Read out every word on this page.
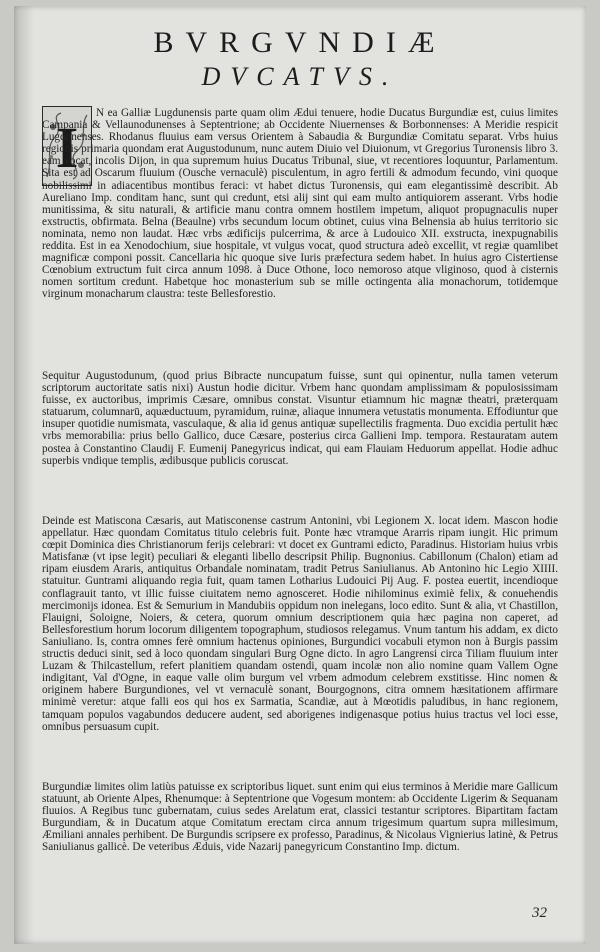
BVRGVNDIÆ
DVCATVS.
I
N ea Galliæ Lugdunensis parte quam olim Ædui tenuere, hodie Ducatus Burgundiæ est, cuius limites Campania & Vellaunodunenses à Septentrione; ab Occidente Niuernenses & Borbonnenses: A Meridie respicit Lugdunenses. Rhodanus fluuius eam versus Orientem à Sabaudia & Burgundiæ Comitatu separat. Vrbs huius regionis primaria quondam erat Augustodunum, nunc autem Diuio vel Diuionum, vt Gregorius Turonensis libro 3. eam vocat, incolis Dijon, in qua supremum huius Ducatus Tribunal, siue, vt recentiores loquuntur, Parlamentum. Sita est ad Oscarum fluuium (Ousche vernaculè) pisculentum, in agro fertili & admodum fecundo, vini quoque nobilissimi in adiacentibus montibus feraci: vt habet dictus Turonensis, qui eam elegantissimè describit. Ab Aureliano Imp. conditam hanc, sunt qui credunt, etsi alij sint qui eam multo antiquiorem asserant. Vrbs hodie munitissima, & situ naturali, & artificie manu contra omnem hostilem impetum, aliquot propugnaculis nuper exstructis, obfirmata. Belna (Beaulne) vrbs secundum locum obtinet, cuius vina Belnensia ab huius territorio sic nominata, nemo non laudat. Hæc vrbs ædificijs pulcerrima, & arce à Ludouico XII. exstructa, inexpugnabilis reddita. Est in ea Xenodochium, siue hospitale, vt vulgus vocat, quod structura adeò excellit, vt regiæ quamlibet magnificæ componi possit. Cancellaria hic quoque sive Iuris præfectura sedem habet. In huius agro Cistertiense Cœnobium extructum fuit circa annum 1098. à Duce Othone, loco nemoroso atque vliginoso, quod à cisternis nomen sortitum credunt. Habetque hoc monasterium sub se mille octingenta alia monachorum, totidemque virginum monacharum claustra: teste Bellesforestio.
Sequitur Augustodunum, (quod prius Bibracte nuncupatum fuisse, sunt qui opinentur, nulla tamen veterum scriptorum auctoritate satis nixi) Austun hodie dicitur. Vrbem hanc quondam amplissimam & populosissimam fuisse, ex auctoribus, imprimis Cæsare, omnibus constat. Visuntur etiamnum hic magnæ theatri, præterquam statuarum, columnarū, aquæductuum, pyramidum, ruinæ, aliaque innumera vetustatis monumenta. Effodiuntur que insuper quotidie numismata, vasculaque, & alia id genus antiquæ supellectilis fragmenta. Duo excidia pertulit hæc vrbs memorabilia: prius bello Gallico, duce Cæsare, posterius circa Gallieni Imp. tempora. Restauratam autem postea à Constantino Claudij F. Eumenij Panegyricus indicat, qui eam Flauiam Heduorum appellat. Hodie adhuc superbis vndique templis, ædibusque publicis coruscat.
Deinde est Matiscona Cæsaris, aut Matisconense castrum Antonini, vbi Legionem X. locat idem. Mascon hodie appellatur. Hæc quondam Comitatus titulo celebris fuit. Ponte hæc vtramque Ararris ripam iungit. Hic primum cœpit Dominica dies Christianorum ferijs celebrari: vt docet ex Guntrami edicto, Paradinus. Historiam huius vrbis Matisfanæ (vt ipse legit) peculiari & eleganti libello descripsit Philip. Bugnonius. Cabillonum (Chalon) etiam ad ripam eiusdem Araris, antiquitus Orbandale nominatam, tradit Petrus Saniulianus. Ab Antonino hic Legio XIIII. statuitur. Guntrami aliquando regia fuit, quam tamen Lotharius Ludouici Pij Aug. F. postea euertit, incendioque conflagrauit tanto, vt illic fuisse ciuitatem nemo agnosceret. Hodie nihilominus eximiè felix, & conuehendis mercimonijs idonea. Est & Semurium in Mandubiis oppidum non inelegans, loco edito. Sunt & alia, vt Chastillon, Flauigni, Soloigne, Noiers, & cetera, quorum omnium descriptionem quia hæc pagina non caperet, ad Bellesforestium horum locorum diligentem topographum, studiosos relegamus. Vnum tantum his addam, ex dicto Saniuliano. Is, contra omnes ferè omnium hactenus opiniones, Burgundici vocabuli etymon non à Burgis passim structis deduci sinit, sed à loco quondam singulari Burg Ogne dicto. In agro Langrensi circa Tiliam fluuium inter Luzam & Thilcastellum, refert planitiem quandam ostendi, quam incolæ non alio nomine quam Vallem Ogne indigitant, Val d'Ogne, in eaque valle olim burgum vel vrbem admodum celebrem exstitisse. Hinc nomen & originem habere Burgundiones, vel vt vernaculè sonant, Bourgognons, citra omnem hæsitationem affirmare minimè veretur: atque falli eos qui hos ex Sarmatia, Scandiæ, aut à Mœotidis paludibus, in hanc regionem, tamquam populos vagabundos deducere audent, sed aborigenes indigenasque potius huius tractus vel loci esse, omnibus persuasum cupit.
Burgundiæ limites olim latiùs patuisse ex scriptoribus liquet. sunt enim qui eius terminos à Meridie mare Gallicum statuunt, ab Oriente Alpes, Rhenumque: à Septentrione que Vogesum montem: ab Occidente Ligerim & Sequanam fluuios. A Regibus tunc gubernatam, cuius sedes Arelatum erat, classici testantur scriptores. Bipartitam factam Burgundiam, & in Ducatum atque Comitatum erectam circa annum trigesimum quartum supra millesimum, Æmiliani annales perhibent. De Burgundis scripsere ex professo, Paradinus, & Nicolaus Vignierius latinè, & Petrus Saniulianus gallicè. De veteribus Æduis, vide Nazarij panegyricum Constantino Imp. dictum.
32
